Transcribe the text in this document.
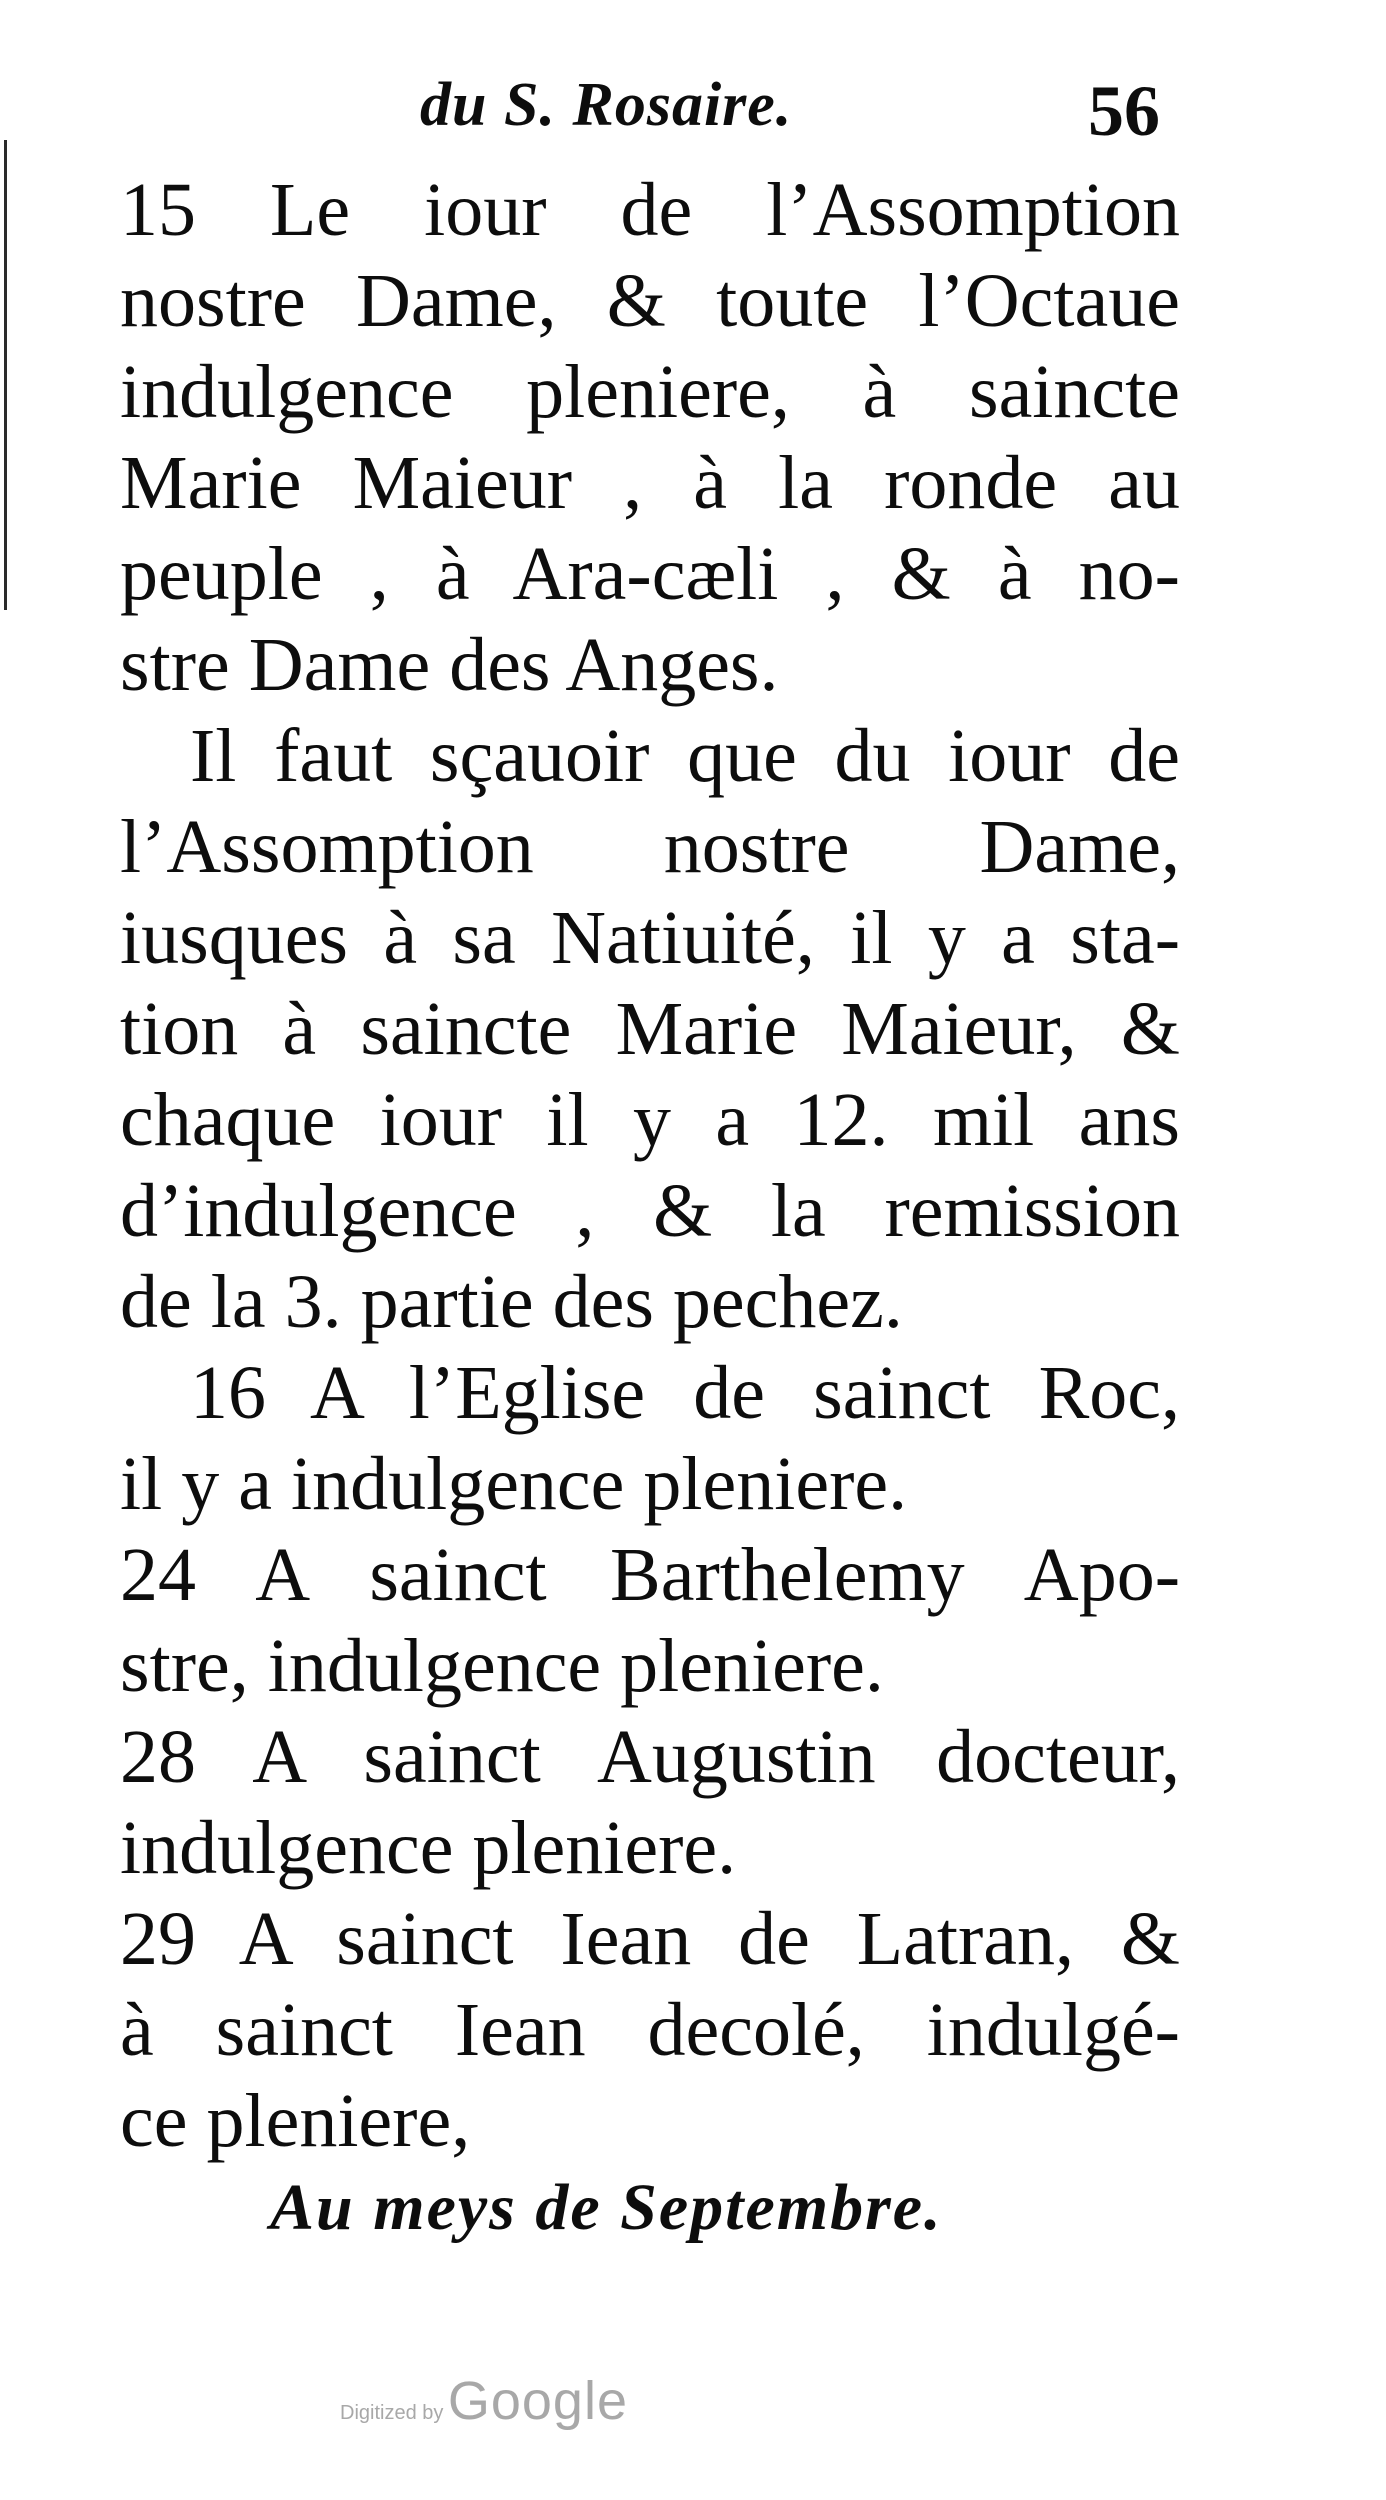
du S. Rosaire.	56
15 Le iour de l’Assomption
nostre Dame, & toute l’Octaue
indulgence pleniere, à saincte
Marie Maieur , à la ronde au
peuple , à Ara-cæli , & à no-
stre Dame des Anges.
Il faut sçauoir que du iour de
l’Assomption nostre Dame,
iusques à sa Natiuité, il y a sta-
tion à saincte Marie Maieur, &
chaque iour il y a 12. mil ans
d’indulgence , & la remission
de la 3. partie des pechez.
16 A l’Eglise de sainct Roc,
il y a indulgence pleniere.
24 A sainct Barthelemy Apo-
stre, indulgence pleniere.
28 A sainct Augustin docteur,
indulgence pleniere.
29 A sainct Iean de Latran, &
à sainct Iean decolé, indulgé-
ce pleniere,
Au meys de Septembre.
Digitized by Google
